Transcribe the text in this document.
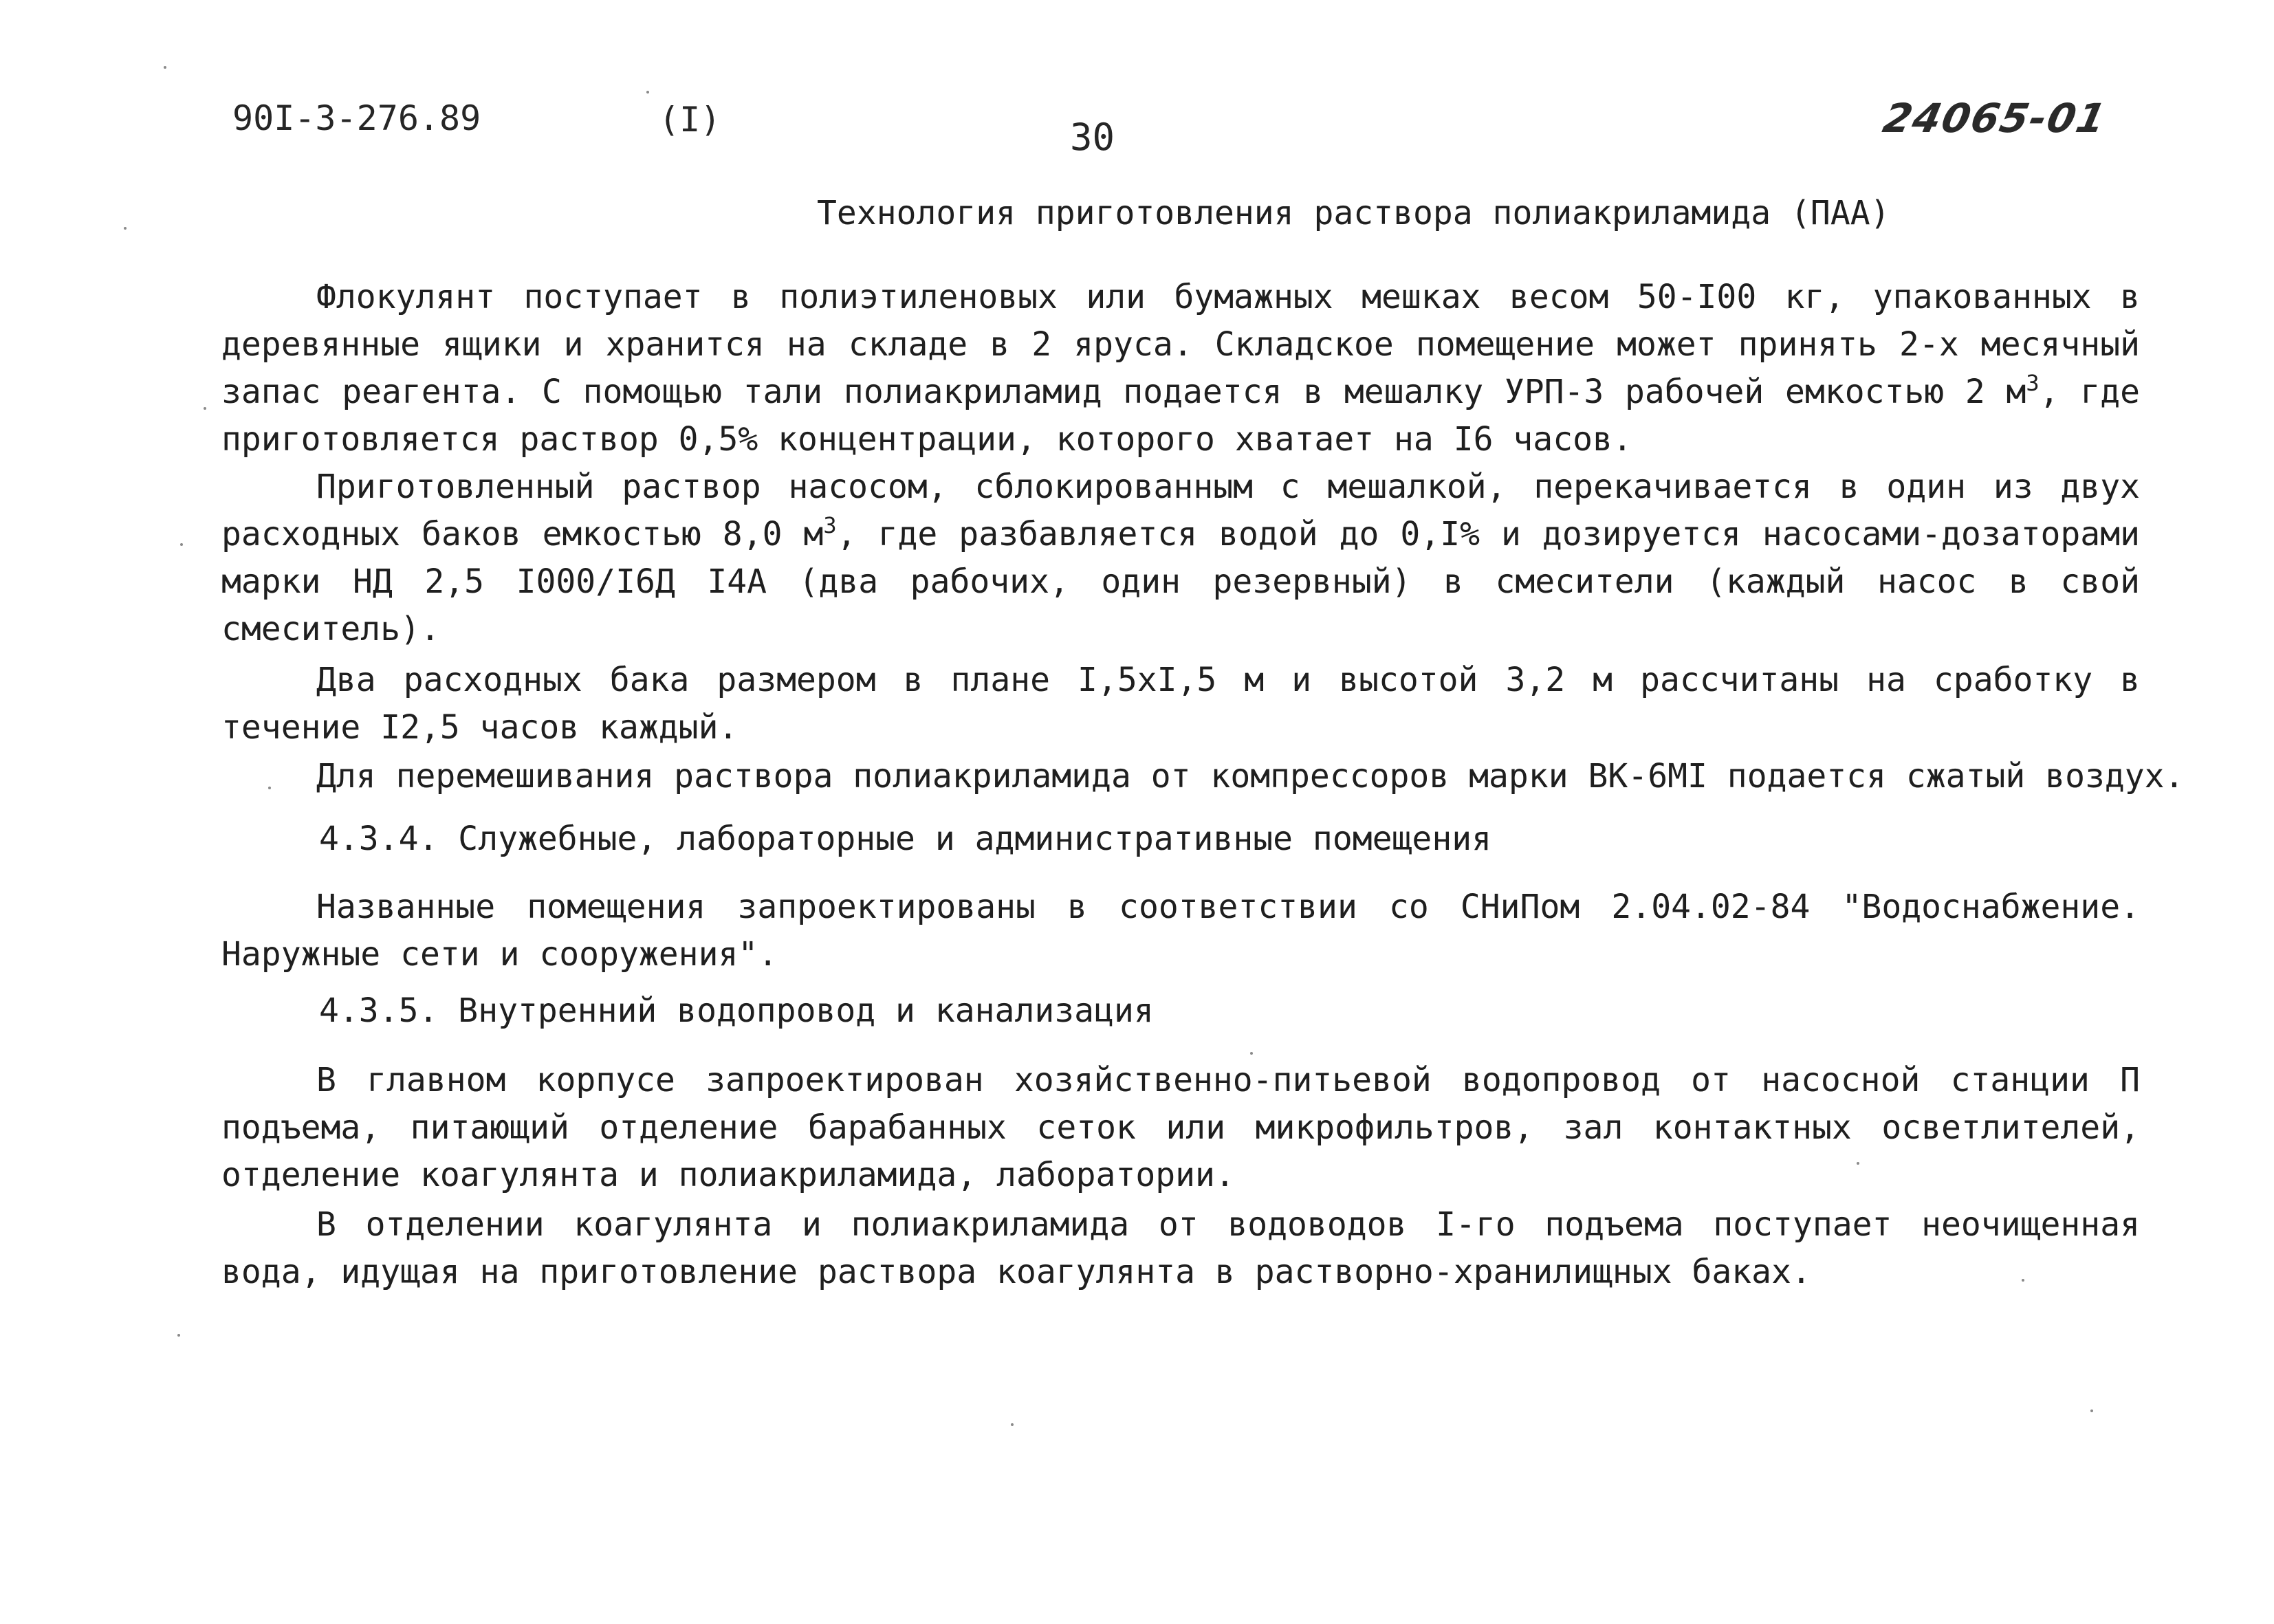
90I-3-276.89	(I)	30	24065-01
Технология приготовления раствора полиакриламида (ПАА)

Флокулянт поступает в полиэтиленовых или бумажных мешках весом 50-I00 кг, упакованных в деревянные ящики и хранится на складе в 2 яруса. Складское помещение может принять 2-х месячный запас реагента. С помощью тали полиакриламид подается в мешалку УРП-3 рабочей емкостью 2 $м^3$, где приготовляется раствор 0,5% концентрации, которого хватает на I6 часов.

Приготовленный раствор насосом, сблокированным с мешалкой, перекачивается в один из двух расходных баков емкостью 8,0 $м^3$, где разбавляется водой до 0,I% и дозируется насосами-дозаторами марки НД 2,5 I000/I6Д I4А (два рабочих, один резервный) в смесители (каждый насос в свой смеситель).

Два расходных бака размером в плане I,5xI,5 м и высотой 3,2 м рассчитаны на сработку в течение I2,5 часов каждый.

Для перемешивания раствора полиакриламида от компрессоров марки ВК-6МI подается сжатый воздух.

4.3.4. Служебные, лабораторные и административные помещения

Названные помещения запроектированы в соответствии со СНиПом 2.04.02-84 "Водоснабжение. Наружные сети и сооружения".

4.3.5. Внутренний водопровод и канализация

В главном корпусе запроектирован хозяйственно-питьевой водопровод от насосной станции П подъема, питающий отделение барабанных сеток или микрофильтров, зал контактных осветлителей, отделение коагулянта и полиакриламида, лаборатории.

В отделении коагулянта и полиакриламида от водоводов I-го подъема поступает неочищенная вода, идущая на приготовление раствора коагулянта в растворно-хранилищных баках.
